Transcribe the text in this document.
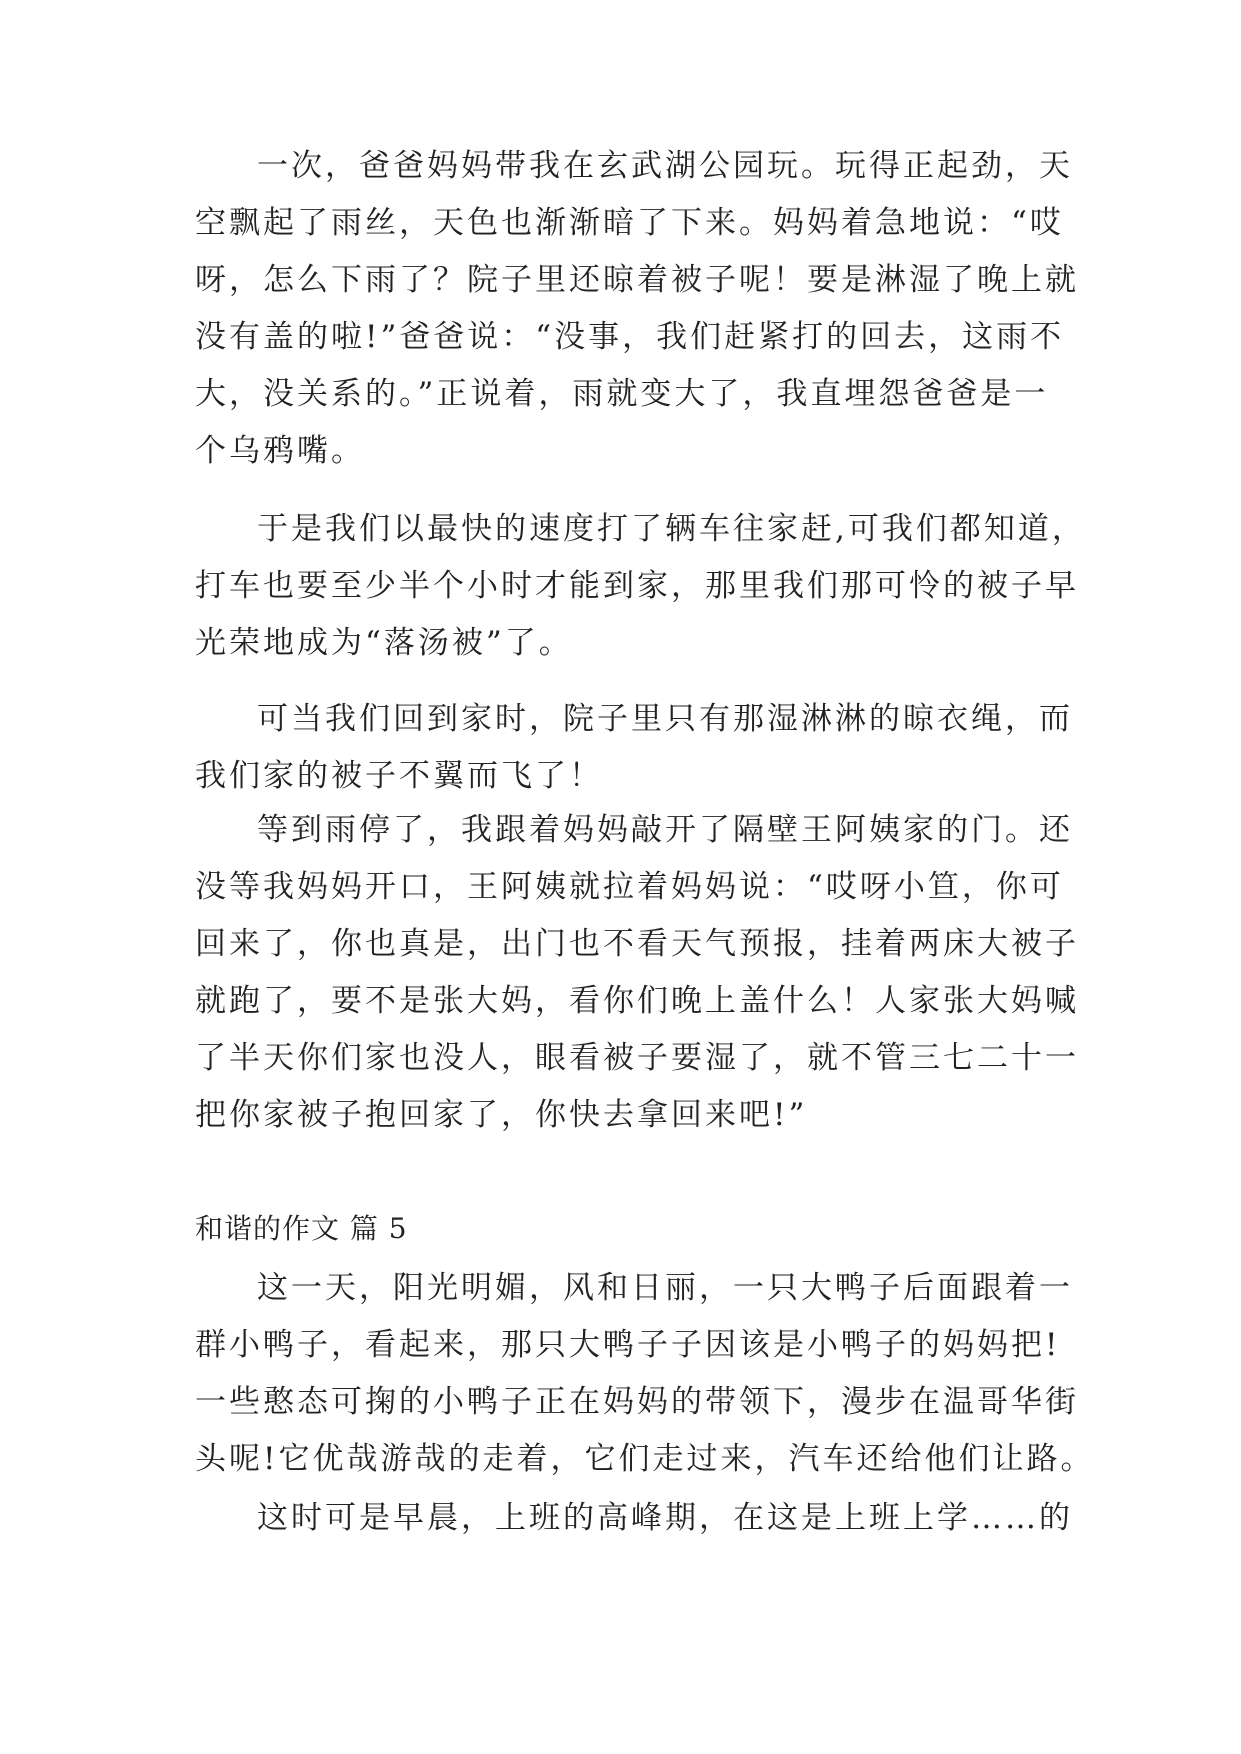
一次，爸爸妈妈带我在玄武湖公园玩。玩得正起劲，天
空飘起了雨丝，天色也渐渐暗了下来。妈妈着急地说：“哎
呀，怎么下雨了？院子里还晾着被子呢！要是淋湿了晚上就
没有盖的啦!”爸爸说：“没事，我们赶紧打的回去，这雨不
大，没关系的。”正说着，雨就变大了，我直埋怨爸爸是一
个乌鸦嘴。
于是我们以最快的速度打了辆车往家赶,可我们都知道，
打车也要至少半个小时才能到家，那里我们那可怜的被子早
光荣地成为“落汤被”了。
可当我们回到家时，院子里只有那湿淋淋的晾衣绳，而
我们家的被子不翼而飞了！
等到雨停了，我跟着妈妈敲开了隔壁王阿姨家的门。还
没等我妈妈开口，王阿姨就拉着妈妈说：“哎呀小笪，你可
回来了，你也真是，出门也不看天气预报，挂着两床大被子
就跑了，要不是张大妈，看你们晚上盖什么！人家张大妈喊
了半天你们家也没人，眼看被子要湿了，就不管三七二十一
把你家被子抱回家了，你快去拿回来吧!”
和谐的作文 篇 5
这一天，阳光明媚，风和日丽，一只大鸭子后面跟着一
群小鸭子，看起来，那只大鸭子子因该是小鸭子的妈妈把!
一些憨态可掬的小鸭子正在妈妈的带领下，漫步在温哥华街
头呢!它优哉游哉的走着，它们走过来，汽车还给他们让路。
这时可是早晨，上班的高峰期，在这是上班上学……的
